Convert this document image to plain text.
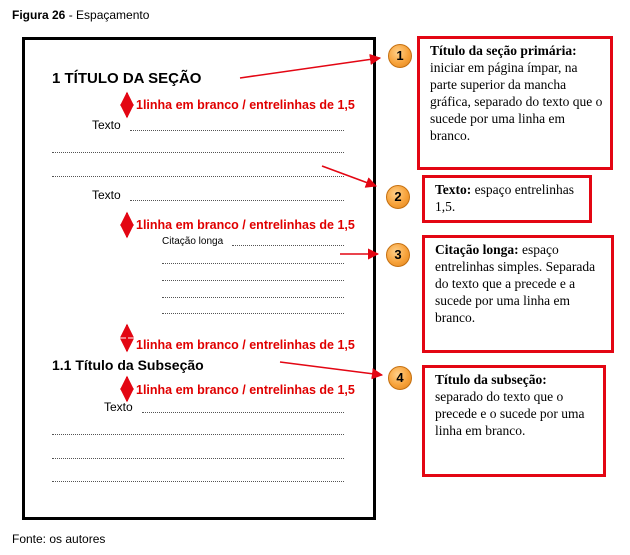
Figura 26 - Espaçamento
1 TÍTULO DA SEÇÃO
1linha em branco / entrelinhas de 1,5
Texto
Texto
1linha em branco / entrelinhas de 1,5
Citação longa
1linha em branco / entrelinhas de 1,5
1.1 Título da Subseção
1linha em branco / entrelinhas de 1,5
Texto
Título da seção primária: iniciar em página ímpar, na parte superior da mancha gráfica, separado do texto que o sucede por uma linha em branco.
Texto: espaço entrelinhas 1,5.
Citação longa: espaço entrelinhas simples. Separada do texto que a precede e a sucede por uma linha em branco.
Título da subseção: separado do texto que o precede e o sucede por uma linha em branco.
1
2
3
4
Fonte: os autores
